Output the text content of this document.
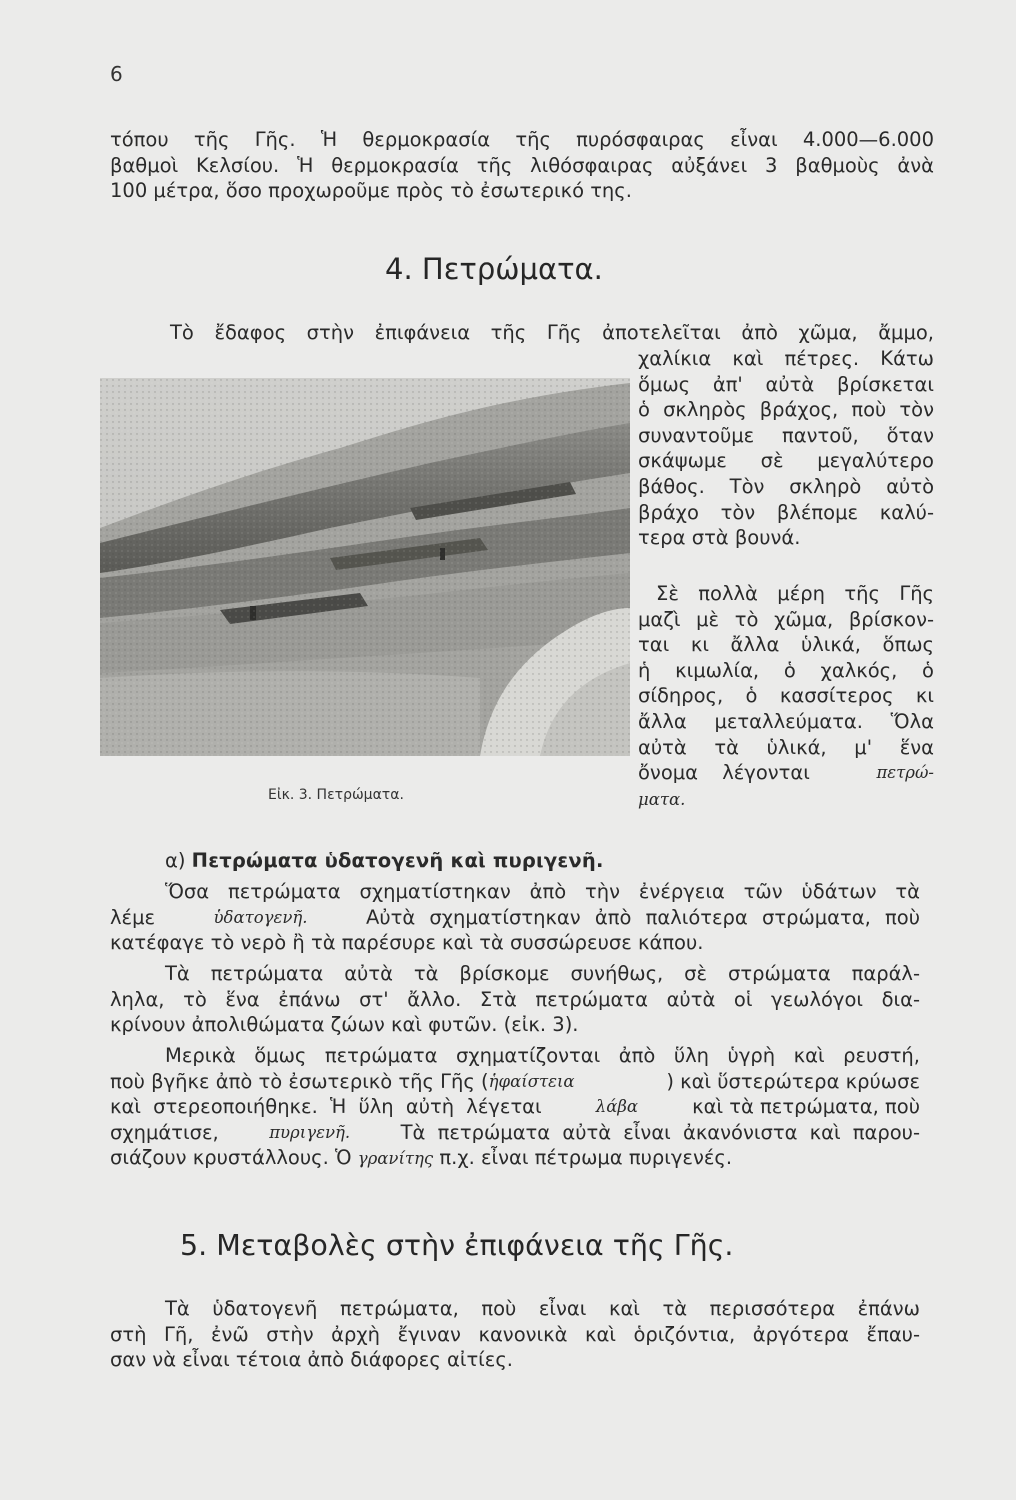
6
τόπου τῆς Γῆς. Ἡ θερμοκρασία τῆς πυρόσφαιρας εἶναι 4.000—6.000
βαθμοὶ Κελσίου. Ἡ θερμοκρασία τῆς λιθόσφαιρας αὐξάνει 3 βαθμοὺς ἀνὰ
100 μέτρα, ὅσο προχωροῦμε πρὸς τὸ ἐσωτερικό της.
4. Πετρώματα.
Τὸ ἔδαφος στὴν ἐπιφάνεια τῆς Γῆς ἀποτελεῖται ἀπὸ χῶμα, ἄμμο,
χαλίκια καὶ πέτρες. Κάτω
ὅμως ἀπ' αὐτὰ βρίσκεται
ὁ σκληρὸς βράχος, ποὺ τὸν
συναντοῦμε παντοῦ, ὅταν
σκάψωμε σὲ μεγαλύτερο
βάθος. Τὸν σκληρὸ αὐτὸ
βράχο τὸν βλέπομε καλύ-
τερα στὰ βουνά.
Σὲ πολλὰ μέρη τῆς Γῆς
μαζὶ μὲ τὸ χῶμα, βρίσκον-
ται κι ἄλλα ὑλικά, ὅπως
ἡ κιμωλία, ὁ χαλκός, ὁ
σίδηρος, ὁ κασσίτερος κι
ἄλλα μεταλλεύματα. Ὅλα
αὐτὰ τὰ ὑλικά, μ' ἕνα
ὄνομα λέγονται	πετρώ-
ματα.
Εἰκ. 3. Πετρώματα.
α) Πετρώματα ὑδατογενῆ καὶ πυριγενῆ.
Ὅσα πετρώματα σχηματίστηκαν ἀπὸ τὴν ἐνέργεια τῶν ὑδάτων τὰ
λέμε	ὑδατογενῆ.	Αὐτὰ σχηματίστηκαν ἀπὸ παλιότερα στρώματα, ποὺ
κατέφαγε τὸ νερὸ ἢ τὰ παρέσυρε καὶ τὰ συσσώρευσε κάπου.
Τὰ πετρώματα αὐτὰ τὰ βρίσκομε συνήθως, σὲ στρώματα παράλ-
ληλα, τὸ ἕνα ἐπάνω στ' ἄλλο. Στὰ πετρώματα αὐτὰ οἱ γεωλόγοι δια-
κρίνουν ἀπολιθώματα ζώων καὶ φυτῶν. (εἰκ. 3).
Μερικὰ ὅμως πετρώματα σχηματίζονται ἀπὸ ὕλη ὑγρὴ καὶ ρευστή,
ποὺ βγῆκε ἀπὸ τὸ ἐσωτερικὸ τῆς Γῆς ( ἡφαίστεια	) καὶ ὕστερώτερα κρύωσε
καὶ στερεοποιήθηκε. Ἡ ὕλη αὐτὴ λέγεται	λάβα	καὶ τὰ πετρώματα, ποὺ
σχημάτισε,	πυριγενῆ.	Τὰ πετρώματα αὐτὰ εἶναι ἀκανόνιστα καὶ παρου-
σιάζουν κρυστάλλους. Ὁ γρανίτης π.χ. εἶναι πέτρωμα πυριγενές.
5. Μεταβολὲς στὴν ἐπιφάνεια τῆς Γῆς.
Τὰ ὑδατογενῆ πετρώματα, ποὺ εἶναι καὶ τὰ περισσότερα ἐπάνω
στὴ Γῆ, ἐνῶ στὴν ἀρχὴ ἔγιναν κανονικὰ καὶ ὁριζόντια, ἀργότερα ἔπαυ-
σαν νὰ εἶναι τέτοια ἀπὸ διάφορες αἰτίες.
